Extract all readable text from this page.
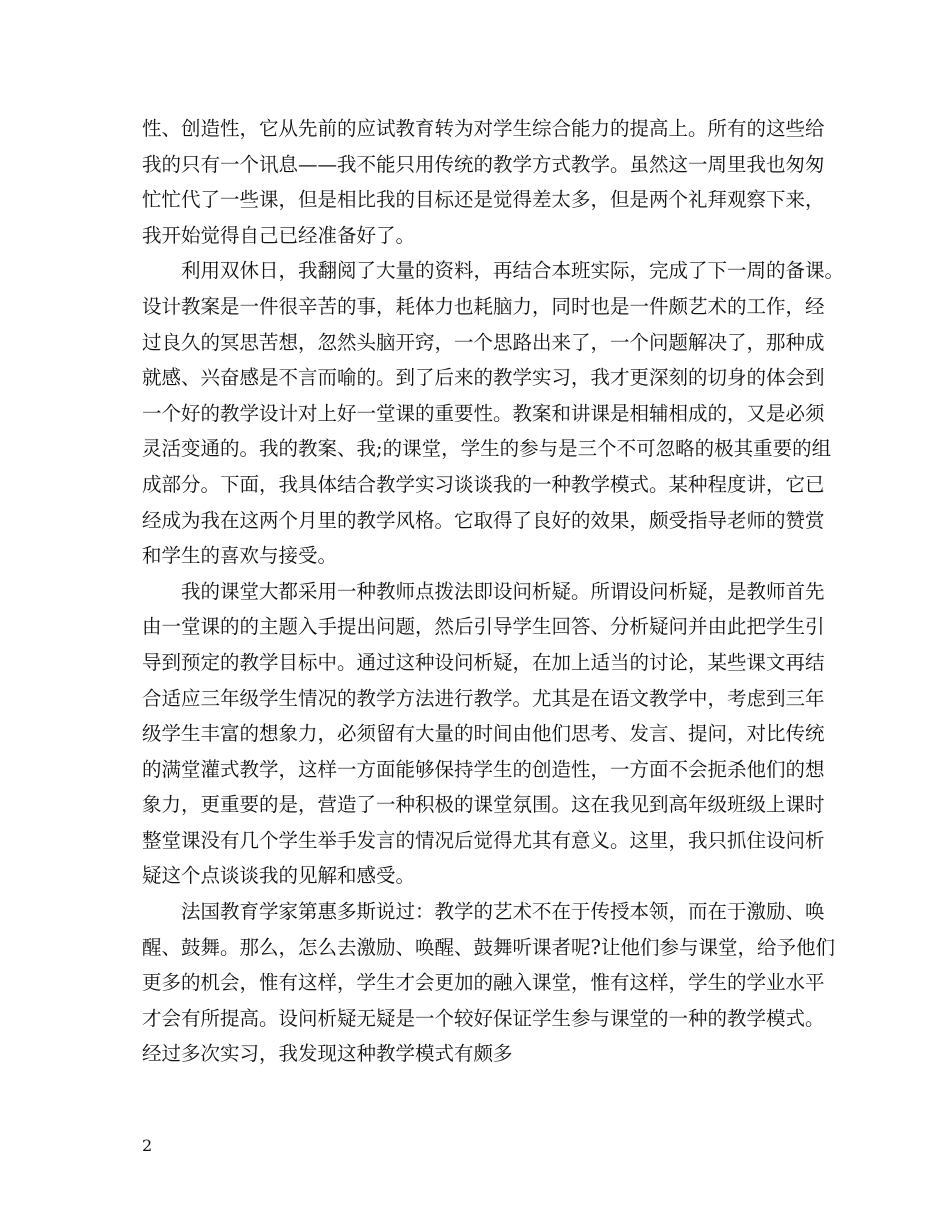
性、创造性，它从先前的应试教育转为对学生综合能力的提高上。所有的这些给
我的只有一个讯息——我不能只用传统的教学方式教学。虽然这一周里我也匆匆
忙忙代了一些课，但是相比我的目标还是觉得差太多，但是两个礼拜观察下来，
我开始觉得自己已经准备好了。
利用双休日，我翻阅了大量的资料，再结合本班实际，完成了下一周的备课。
设计教案是一件很辛苦的事，耗体力也耗脑力，同时也是一件颇艺术的工作，经
过良久的冥思苦想，忽然头脑开窍，一个思路出来了，一个问题解决了，那种成
就感、兴奋感是不言而喻的。到了后来的教学实习，我才更深刻的切身的体会到
一个好的教学设计对上好一堂课的重要性。教案和讲课是相辅相成的，又是必须
灵活变通的。我的教案、我;的课堂，学生的参与是三个不可忽略的极其重要的组
成部分。下面，我具体结合教学实习谈谈我的一种教学模式。某种程度讲，它已
经成为我在这两个月里的教学风格。它取得了良好的效果，颇受指导老师的赞赏
和学生的喜欢与接受。
我的课堂大都采用一种教师点拨法即设问析疑。所谓设问析疑，是教师首先
由一堂课的的主题入手提出问题，然后引导学生回答、分析疑问并由此把学生引
导到预定的教学目标中。通过这种设问析疑，在加上适当的讨论，某些课文再结
合适应三年级学生情况的教学方法进行教学。尤其是在语文教学中，考虑到三年
级学生丰富的想象力，必须留有大量的时间由他们思考、发言、提问，对比传统
的满堂灌式教学，这样一方面能够保持学生的创造性，一方面不会扼杀他们的想
象力，更重要的是，营造了一种积极的课堂氛围。这在我见到高年级班级上课时
整堂课没有几个学生举手发言的情况后觉得尤其有意义。这里，我只抓住设问析
疑这个点谈谈我的见解和感受。
法国教育学家第惠多斯说过：教学的艺术不在于传授本领，而在于激励、唤
醒、鼓舞。那么，怎么去激励、唤醒、鼓舞听课者呢?让他们参与课堂，给予他们
更多的机会，惟有这样，学生才会更加的融入课堂，惟有这样，学生的学业水平
才会有所提高。设问析疑无疑是一个较好保证学生参与课堂的一种的教学模式。
经过多次实习，我发现这种教学模式有颇多
2
